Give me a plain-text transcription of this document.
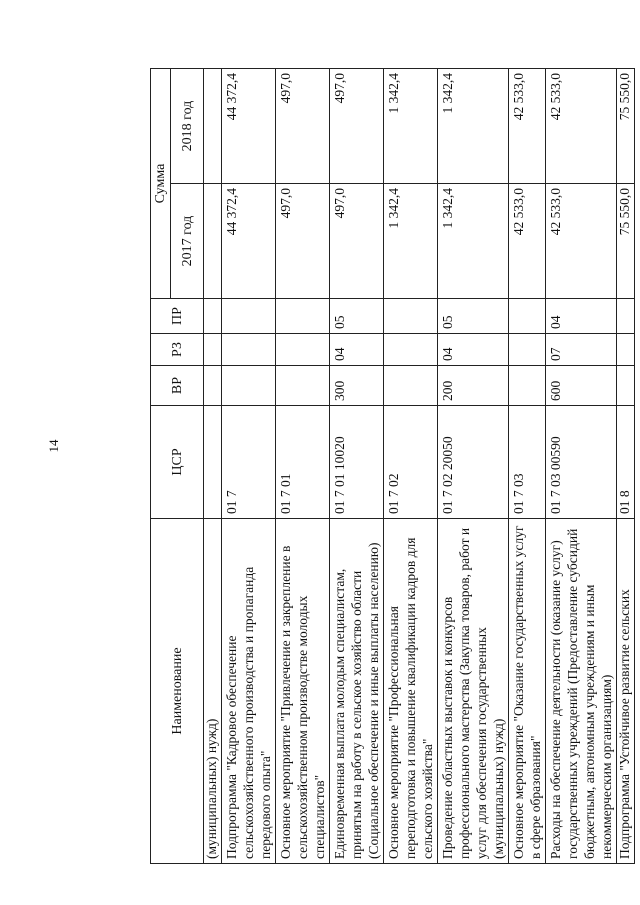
14
Наименование	ЦСР	ВР	РЗ	ПР	Сумма	
					2017 год	2018 год
(муниципальных) нужд)						
Подпрограмма "Кадровое обеспечение сельскохозяйственного производства и пропаганда передового опыта"	01 7				44 372,4	44 372,4
Основное мероприятие "Привлечение и закрепление в сельскохозяйственном производстве молодых специалистов"	01 7 01				497,0	497,0
Единовременная выплата молодым специалистам, принятым на работу в сельское хозяйство области (Социальное обеспечение и иные выплаты населению)	01 7 01 10020	300	04	05	497,0	497,0
Основное мероприятие "Профессиональная переподготовка и повышение квалификации кадров для сельского хозяйства"	01 7 02				1 342,4	1 342,4
Проведение областных выставок и конкурсов профессионального мастерства (Закупка товаров, работ и услуг для обеспечения государственных (муниципальных) нужд)	01 7 02 20050	200	04	05	1 342,4	1 342,4
Основное мероприятие "Оказание государственных услуг в сфере образования"	01 7 03				42 533,0	42 533,0
Расходы на обеспечение деятельности (оказание услуг) государственных учреждений (Предоставление субсидий бюджетным, автономным учреждениям и иным некоммерческим организациям)	01 7 03 00590	600	07	04	42 533,0	42 533,0
Подпрограмма "Устойчивое развитие сельских	01 8				75 550,0	75 550,0
